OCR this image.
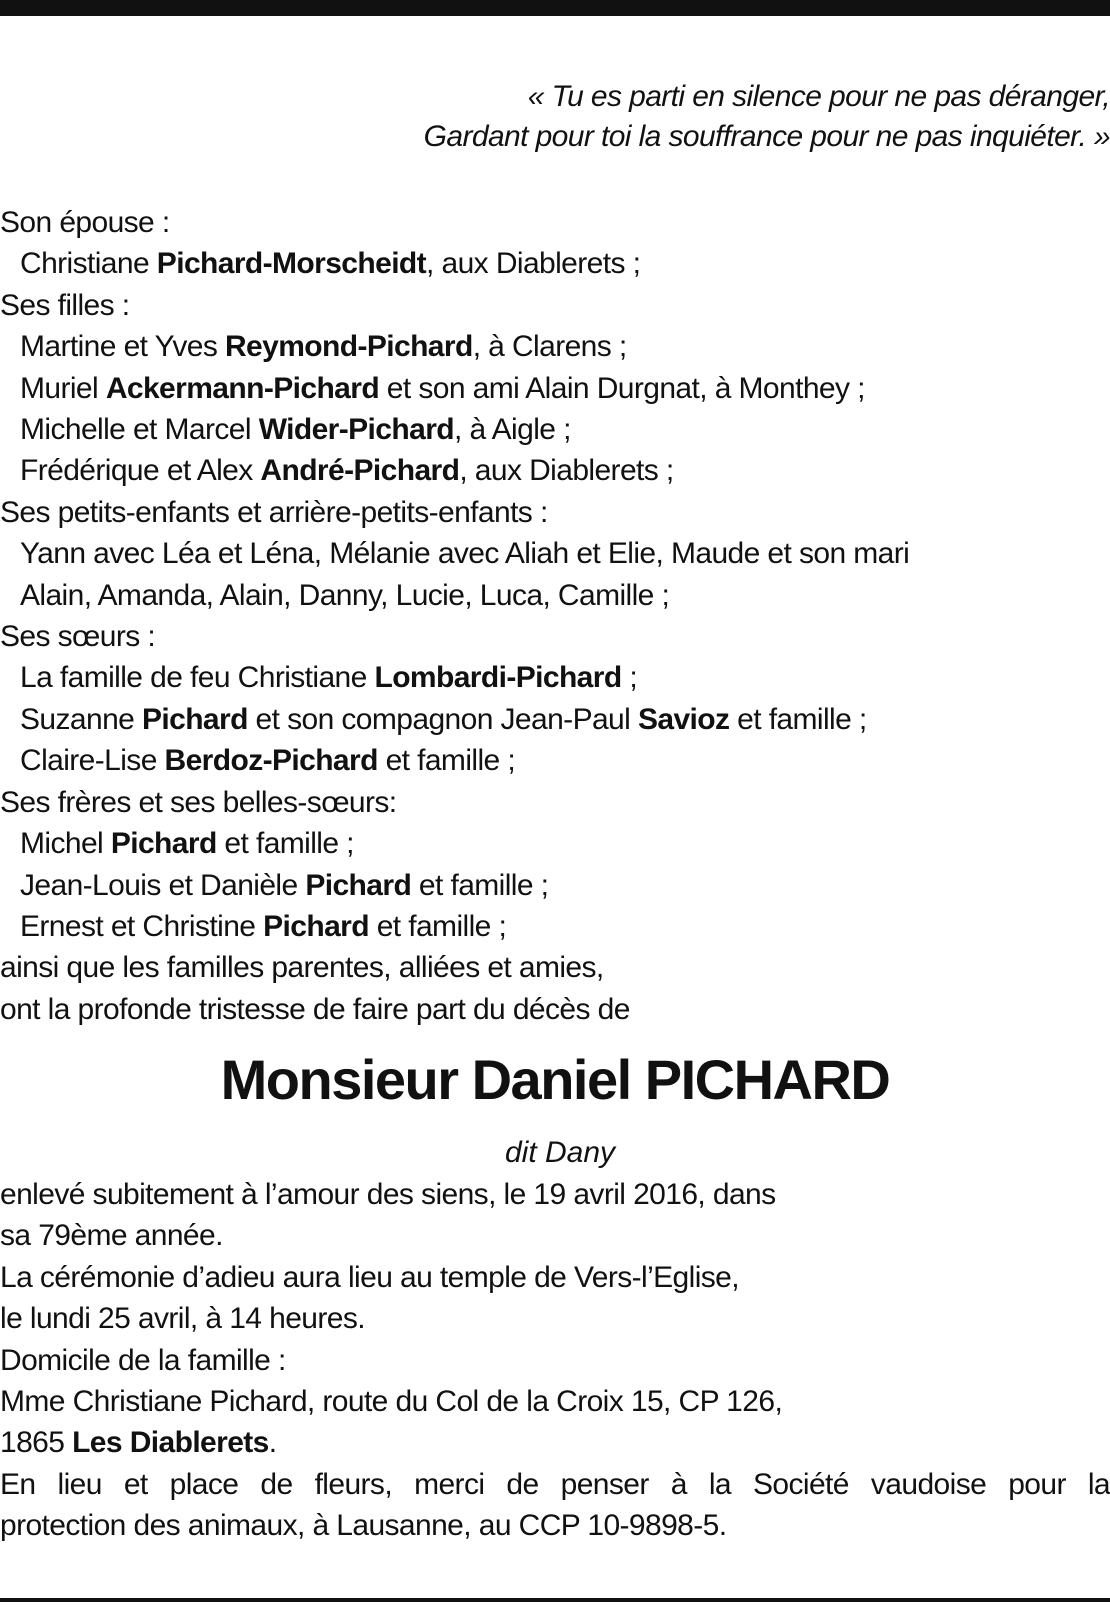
« Tu es parti en silence pour ne pas déranger,
Gardant pour toi la souffrance pour ne pas inquiéter. »
Son épouse :
Christiane Pichard-Morscheidt, aux Diablerets ;
Ses filles :
Martine et Yves Reymond-Pichard, à Clarens ;
Muriel Ackermann-Pichard et son ami Alain Durgnat, à Monthey ;
Michelle et Marcel Wider-Pichard, à Aigle ;
Frédérique et Alex André-Pichard, aux Diablerets ;
Ses petits-enfants et arrière-petits-enfants :
Yann avec Léa et Léna, Mélanie avec Aliah et Elie, Maude et son mari
Alain, Amanda, Alain, Danny, Lucie, Luca, Camille ;
Ses sœurs :
La famille de feu Christiane Lombardi-Pichard ;
Suzanne Pichard et son compagnon Jean-Paul Savioz et famille ;
Claire-Lise Berdoz-Pichard et famille ;
Ses frères et ses belles-sœurs:
Michel Pichard et famille ;
Jean-Louis et Danièle Pichard et famille ;
Ernest et Christine Pichard et famille ;
ainsi que les familles parentes, alliées et amies,
ont la profonde tristesse de faire part du décès de
Monsieur Daniel PICHARD
dit Dany
enlevé subitement à l’amour des siens, le 19 avril 2016, dans
sa 79ème année.
La cérémonie d’adieu aura lieu au temple de Vers-l’Eglise,
le lundi 25 avril, à 14 heures.
Domicile de la famille :
Mme Christiane Pichard, route du Col de la Croix 15, CP 126,
1865 Les Diablerets.
En lieu et place de fleurs, merci de penser à la Société vaudoise pour la
protection des animaux, à Lausanne, au CCP 10-9898-5.
